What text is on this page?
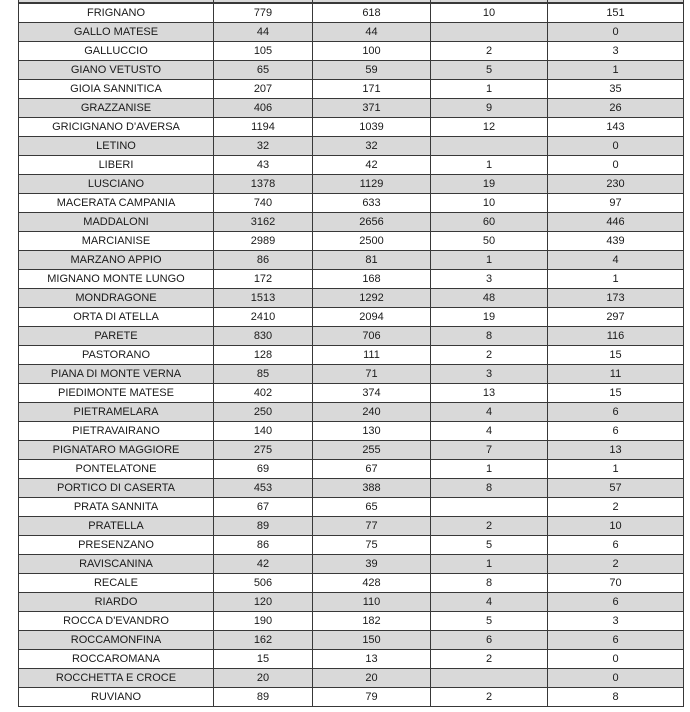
FRIGNANO	779	618	10	151
GALLO MATESE	44	44		0
GALLUCCIO	105	100	2	3
GIANO VETUSTO	65	59	5	1
GIOIA SANNITICA	207	171	1	35
GRAZZANISE	406	371	9	26
GRICIGNANO D'AVERSA	1194	1039	12	143
LETINO	32	32		0
LIBERI	43	42	1	0
LUSCIANO	1378	1129	19	230
MACERATA CAMPANIA	740	633	10	97
MADDALONI	3162	2656	60	446
MARCIANISE	2989	2500	50	439
MARZANO APPIO	86	81	1	4
MIGNANO MONTE LUNGO	172	168	3	1
MONDRAGONE	1513	1292	48	173
ORTA DI ATELLA	2410	2094	19	297
PARETE	830	706	8	116
PASTORANO	128	111	2	15
PIANA DI MONTE VERNA	85	71	3	11
PIEDIMONTE MATESE	402	374	13	15
PIETRAMELARA	250	240	4	6
PIETRAVAIRANO	140	130	4	6
PIGNATARO MAGGIORE	275	255	7	13
PONTELATONE	69	67	1	1
PORTICO DI CASERTA	453	388	8	57
PRATA SANNITA	67	65		2
PRATELLA	89	77	2	10
PRESENZANO	86	75	5	6
RAVISCANINA	42	39	1	2
RECALE	506	428	8	70
RIARDO	120	110	4	6
ROCCA D'EVANDRO	190	182	5	3
ROCCAMONFINA	162	150	6	6
ROCCAROMANA	15	13	2	0
ROCCHETTA E CROCE	20	20		0
RUVIANO	89	79	2	8
